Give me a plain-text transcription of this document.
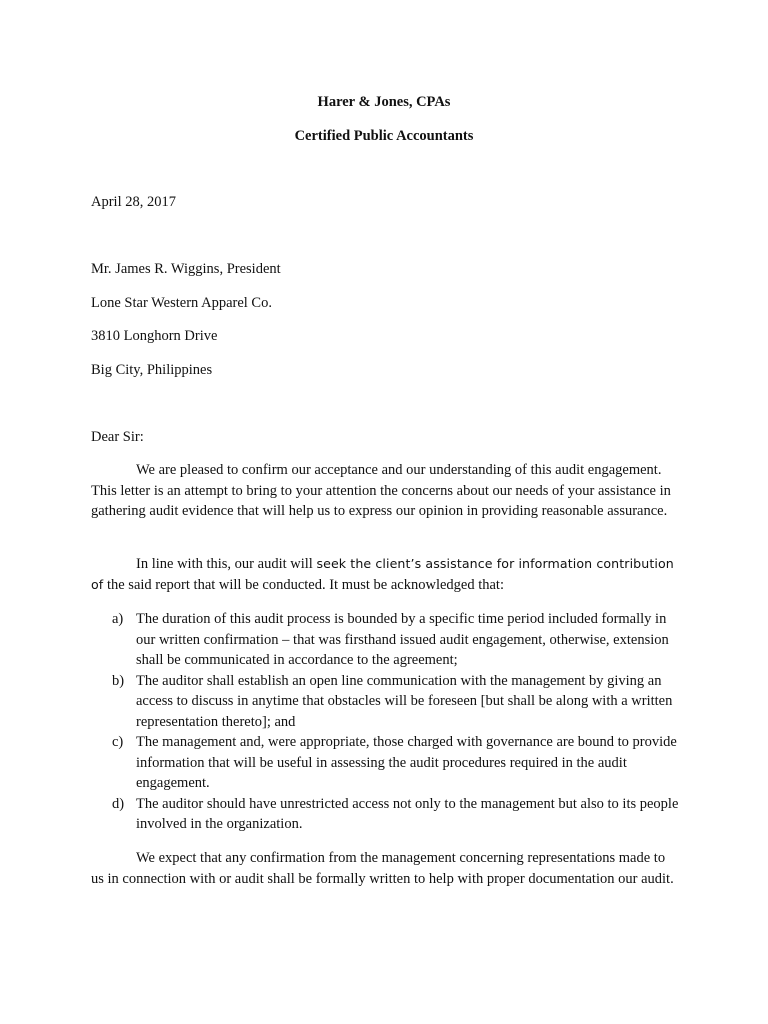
Harer & Jones, CPAs
Certified Public Accountants
April 28, 2017
Mr. James R. Wiggins, President
Lone Star Western Apparel Co.
3810 Longhorn Drive
Big City, Philippines
Dear Sir:
We are pleased to confirm our acceptance and our understanding of this audit engagement. This letter is an attempt to bring to your attention the concerns about our needs of your assistance in gathering audit evidence that will help us to express our opinion in providing reasonable assurance.
In line with this, our audit will seek the client’s assistance for information contribution of the said report that will be conducted. It must be acknowledged that:
a) The duration of this audit process is bounded by a specific time period included formally in our written confirmation – that was firsthand issued audit engagement, otherwise, extension shall be communicated in accordance to the agreement;
b) The auditor shall establish an open line communication with the management by giving an access to discuss in anytime that obstacles will be foreseen [but shall be along with a written representation thereto]; and
c) The management and, were appropriate, those charged with governance are bound to provide information that will be useful in assessing the audit procedures required in the audit engagement.
d) The auditor should have unrestricted access not only to the management but also to its people involved in the organization.
We expect that any confirmation from the management concerning representations made to us in connection with or audit shall be formally written to help with proper documentation our audit.
